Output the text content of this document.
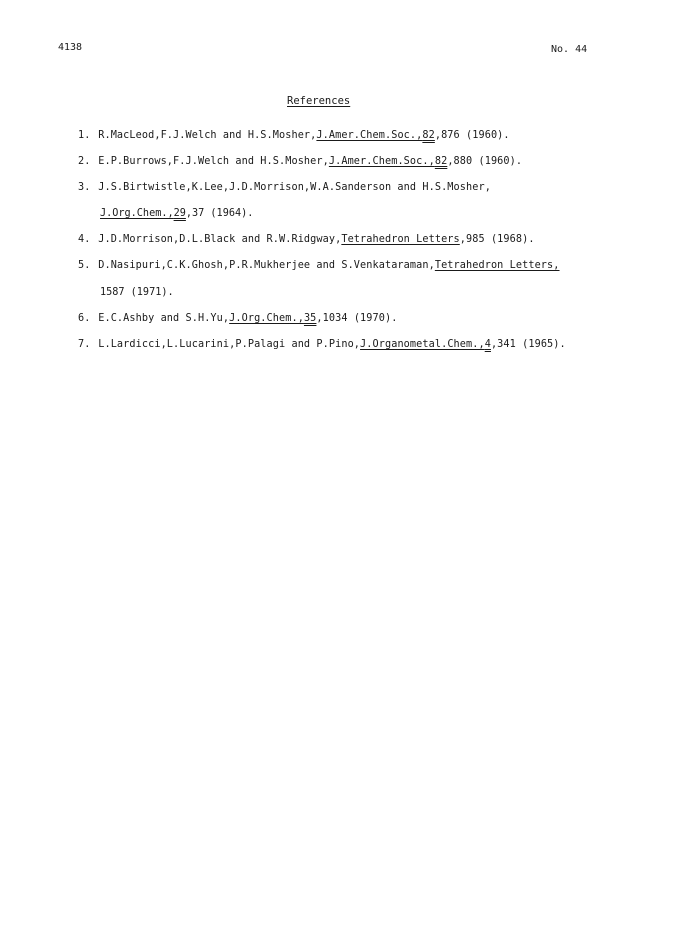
4138	No. 44
References
1. R.MacLeod,F.J.Welch and H.S.Mosher,J.Amer.Chem.Soc.,82,876 (1960).
2. E.P.Burrows,F.J.Welch and H.S.Mosher,J.Amer.Chem.Soc.,82,880 (1960).
3. J.S.Birtwistle,K.Lee,J.D.Morrison,W.A.Sanderson and H.S.Mosher,
J.Org.Chem.,29,37 (1964).
4. J.D.Morrison,D.L.Black and R.W.Ridgway,Tetrahedron Letters,985 (1968).
5. D.Nasipuri,C.K.Ghosh,P.R.Mukherjee and S.Venkataraman,Tetrahedron Letters,
1587 (1971).
6. E.C.Ashby and S.H.Yu,J.Org.Chem.,35,1034 (1970).
7. L.Lardicci,L.Lucarini,P.Palagi and P.Pino,J.Organometal.Chem.,4,341 (1965).
